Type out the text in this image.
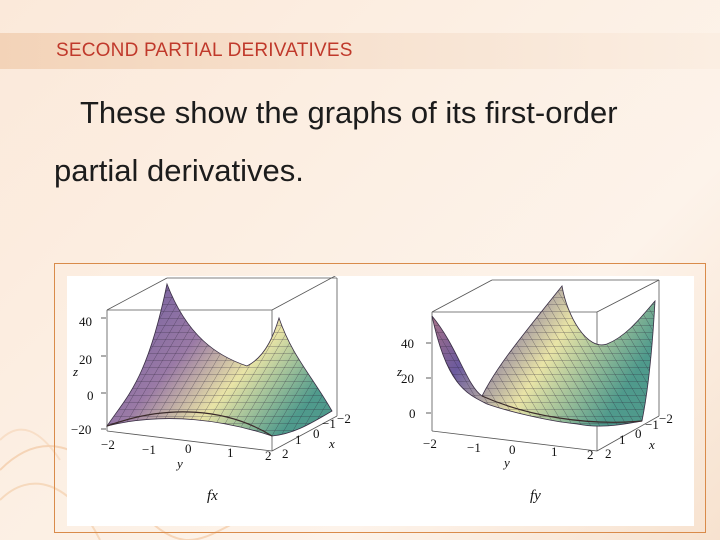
SECOND PARTIAL DERIVATIVES
These show the graphs of its first-order
partial derivatives.
40
20
0
−20
z
−2 −1 0	1 2
y
2
1 0
−1 −2
x
fx
40
20
0
z
−2 −1 0	1 2
y
2
1 0
−1 −2
x
fy
